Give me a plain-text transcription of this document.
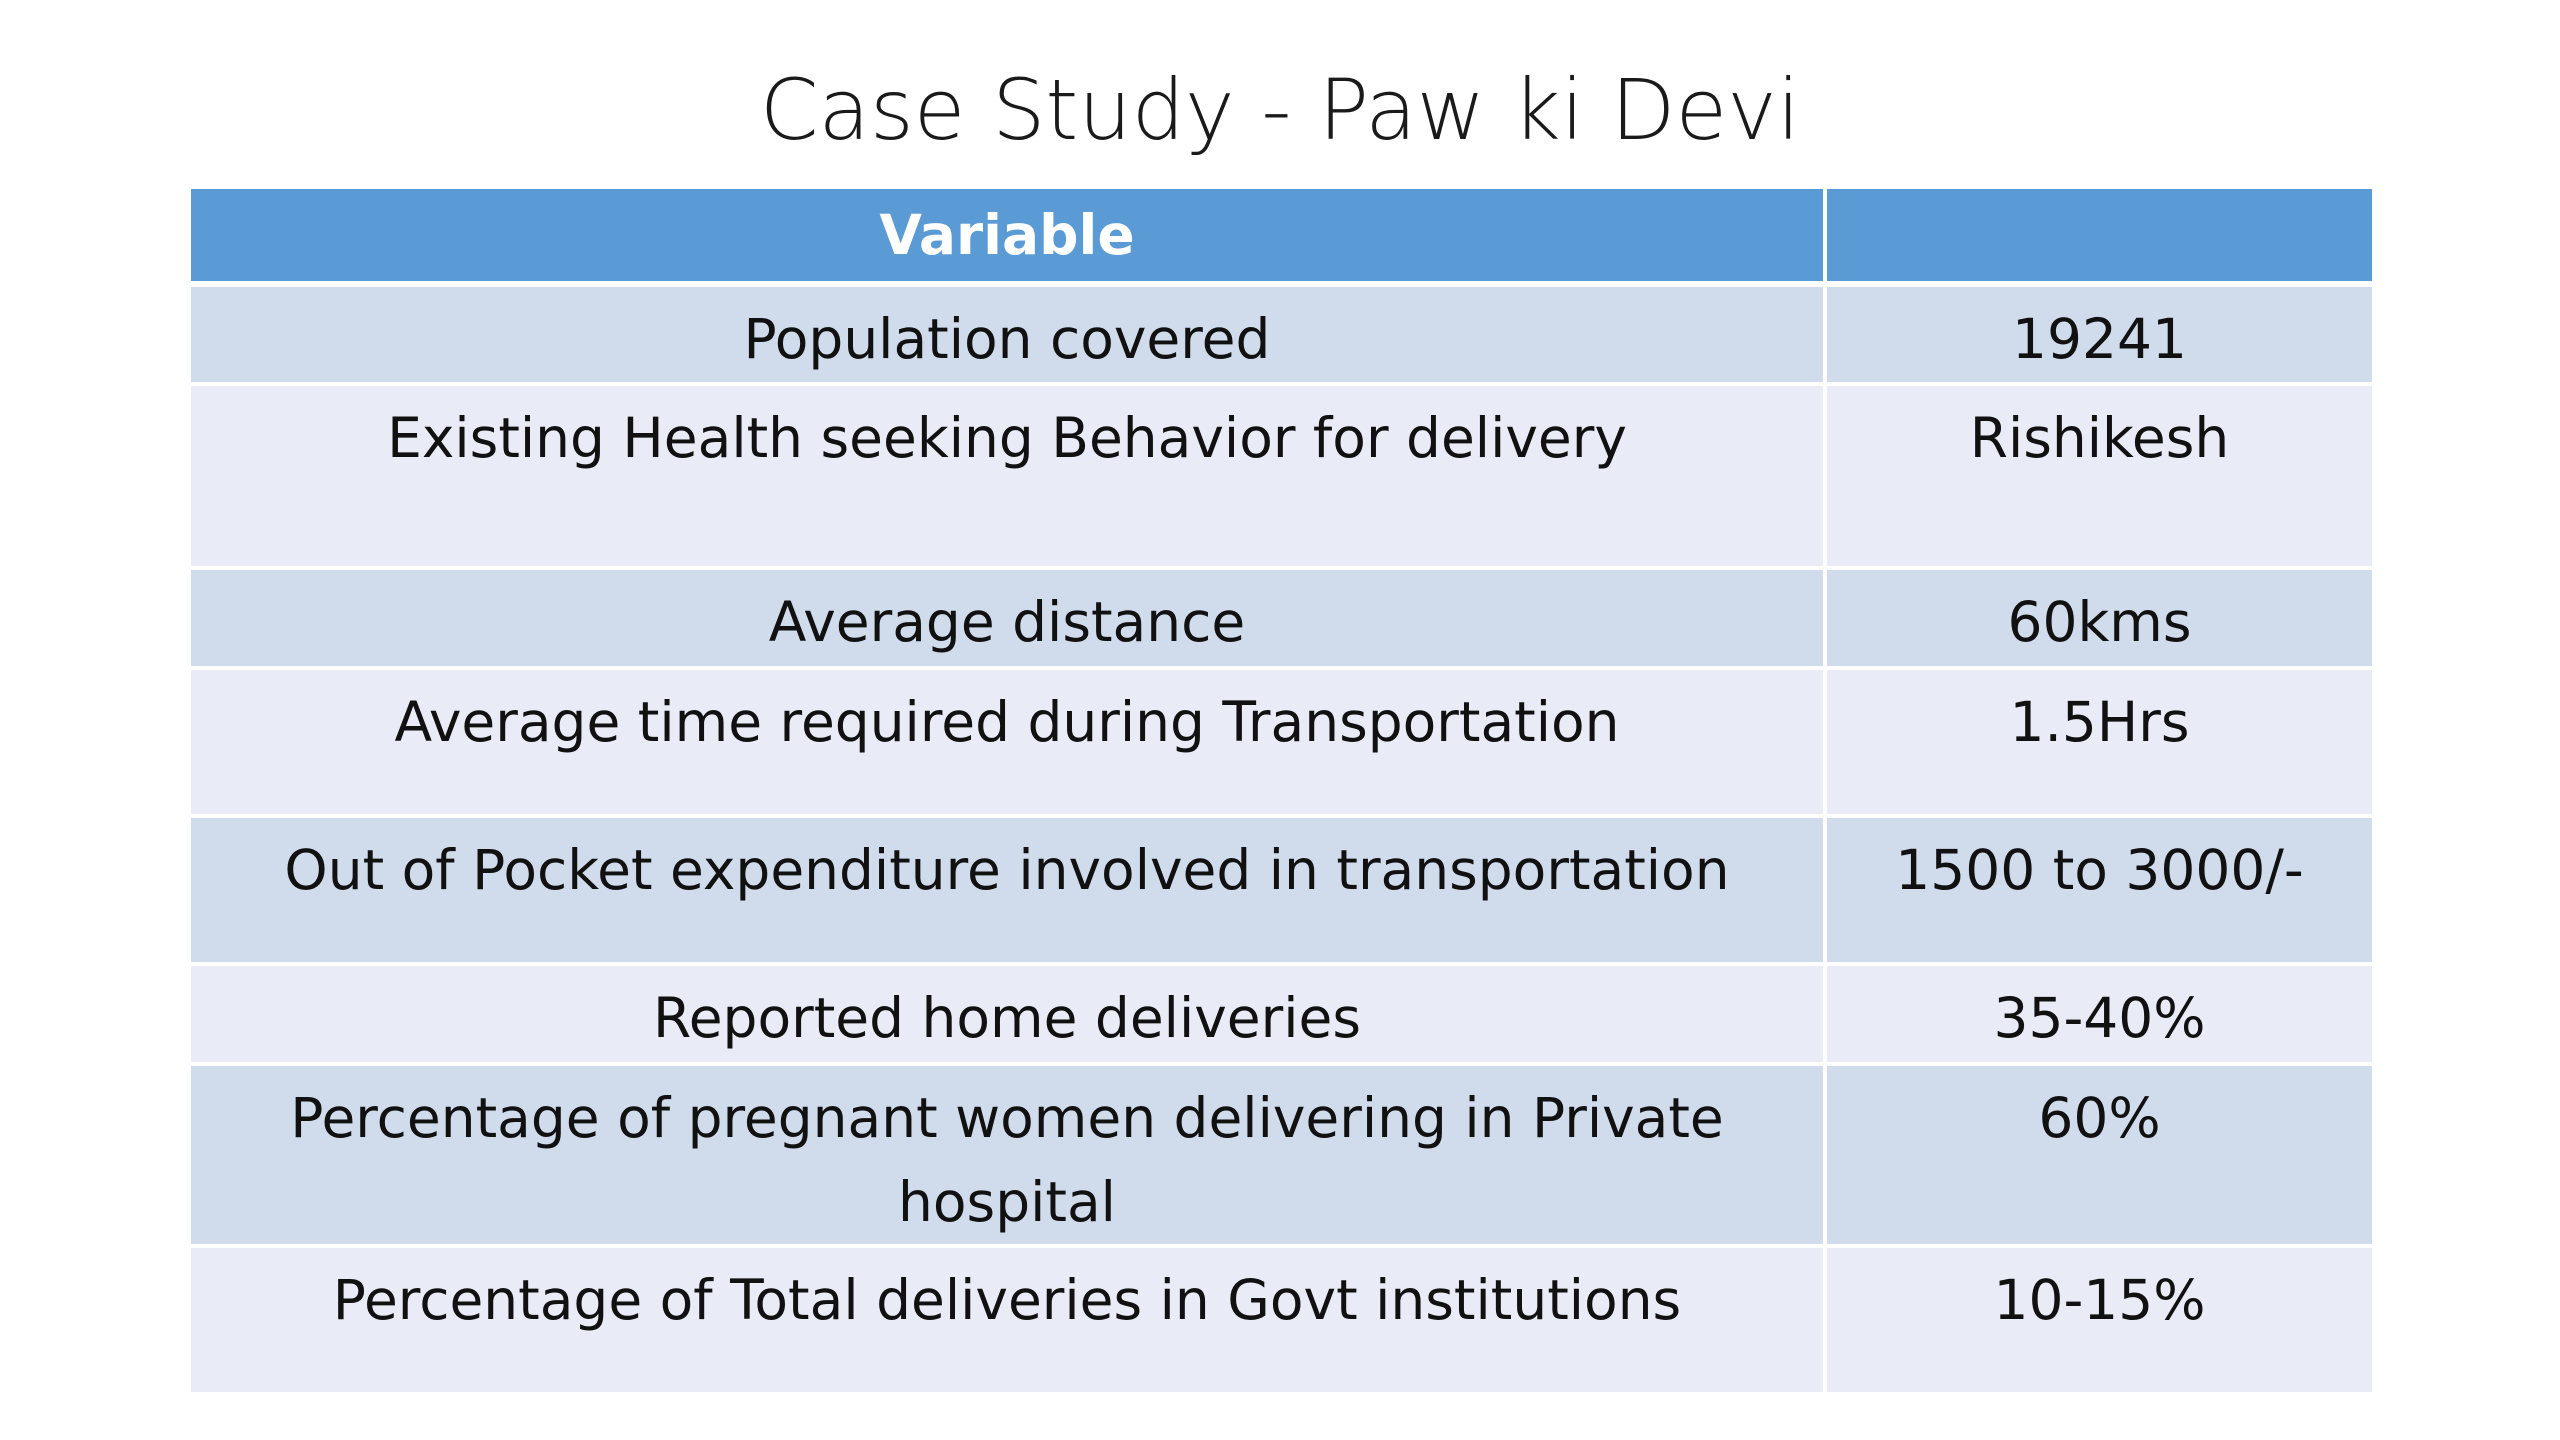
Case Study - Paw ki Devi
Variable	
Population covered	19241
Existing Health seeking Behavior for delivery	Rishikesh
Average distance	60kms
Average time required during Transportation	1.5Hrs
Out of Pocket expenditure involved in transportation	1500 to 3000/-
Reported home deliveries	35-40%
Percentage of pregnant women delivering in Private hospital	60%
Percentage of Total deliveries in Govt institutions	10-15%
